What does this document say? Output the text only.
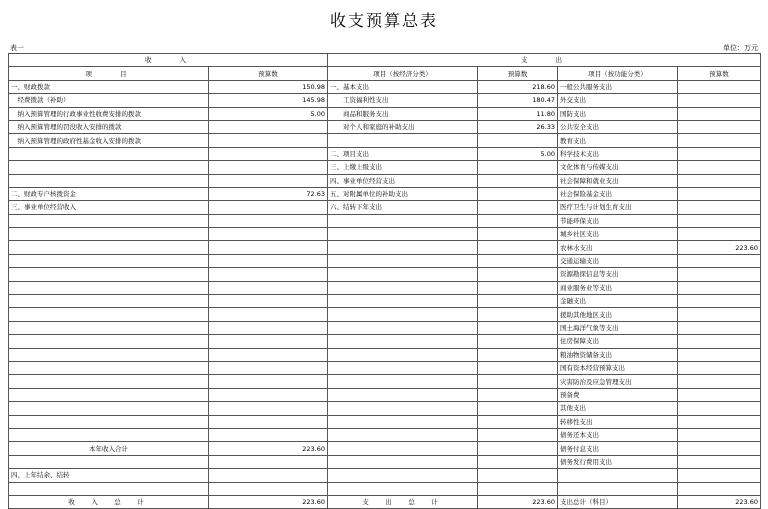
收支预算总表
表一	单位：万元
收　　入		支　　出			
项　　目	预算数	项目（按经济分类）	预算数	项目（按功能分类）	预算数
一、财政拨款	150.98	一、基本支出	218.60	一般公共服务支出	
　经费拨款（补助）	145.98	　　工资福利性支出	180.47	外交支出	
　纳入预算管理的行政事业性收费安排的拨款	5.00	　　商品和服务支出	11.80	国防支出	
　纳入预算管理的罚没收入安排的拨款		　　对个人和家庭的补助支出	26.33	公共安全支出	
　纳入预算管理的政府性基金收入安排的拨款				教育支出	
		二、项目支出	5.00	科学技术支出	
		三、上缴上级支出		文化体育与传媒支出	
		四、事业单位经营支出		社会保障和就业支出	
二、财政专户核拨资金	72.63	五、对附属单位的补助支出		社会保险基金支出	
三、事业单位经营收入		六、结转下年支出		医疗卫生与计划生育支出	
				节能环保支出	
				城乡社区支出	
				农林水支出	223.60
				交通运输支出	
				资源勘探信息等支出	
				商业服务业等支出	
				金融支出	
				援助其他地区支出	
				国土海洋气象等支出	
				住房保障支出	
				粮油物资储备支出	
				国有资本经营预算支出	
				灾害防治及应急管理支出	
				预备费	
				其他支出	
				转移性支出	
				债务还本支出	
本年收入合计	223.60			债务付息支出	
				债务发行费用支出	
四、上年结余、结转					

收　入　总　计	223.60	支　出　总　计	223.60	支出总计（科目）	223.60
